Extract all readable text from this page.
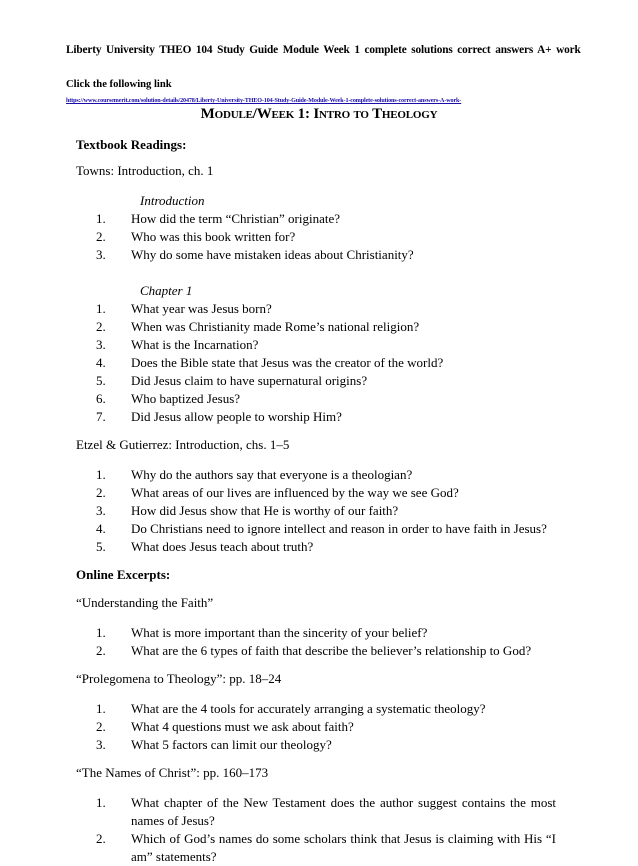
Liberty University THEO 104 Study Guide Module Week 1 complete solutions correct answers A+ work
Click the following link
https://www.coursemerit.com/solution-details/20478/Liberty-University-THEO-104-Study-Guide-Module-Week-1-complete-solutions-correct-answers-A-work-
Module/Week 1: Intro to Theology

Textbook Readings:

Towns: Introduction, ch. 1

Introduction

1.	How did the term “Christian” originate?
2.	Who was this book written for?
3.	Why do some have mistaken ideas about Christianity?

Chapter 1

1.	What year was Jesus born?
2.	When was Christianity made Rome’s national religion?
3.	What is the Incarnation?
4.	Does the Bible state that Jesus was the creator of the world?
5.	Did Jesus claim to have supernatural origins?
6.	Who baptized Jesus?
7.	Did Jesus allow people to worship Him?

Etzel & Gutierrez: Introduction, chs. 1–5

1.	Why do the authors say that everyone is a theologian?
2.	What areas of our lives are influenced by the way we see God?
3.	How did Jesus show that He is worthy of our faith?
4.	Do Christians need to ignore intellect and reason in order to have faith in Jesus?
5.	What does Jesus teach about truth?

Online Excerpts:

“Understanding the Faith”

1.	What is more important than the sincerity of your belief?
2.	What are the 6 types of faith that describe the believer’s relationship to God?

“Prolegomena to Theology”: pp. 18–24

1.	What are the 4 tools for accurately arranging a systematic theology?
2.	What 4 questions must we ask about faith?
3.	What 5 factors can limit our theology?

“The Names of Christ”: pp. 160–173

1.	What chapter of the New Testament does the author suggest contains the most names of Jesus?
2.	Which of God’s names do some scholars think that Jesus is claiming with His “I am” statements?
